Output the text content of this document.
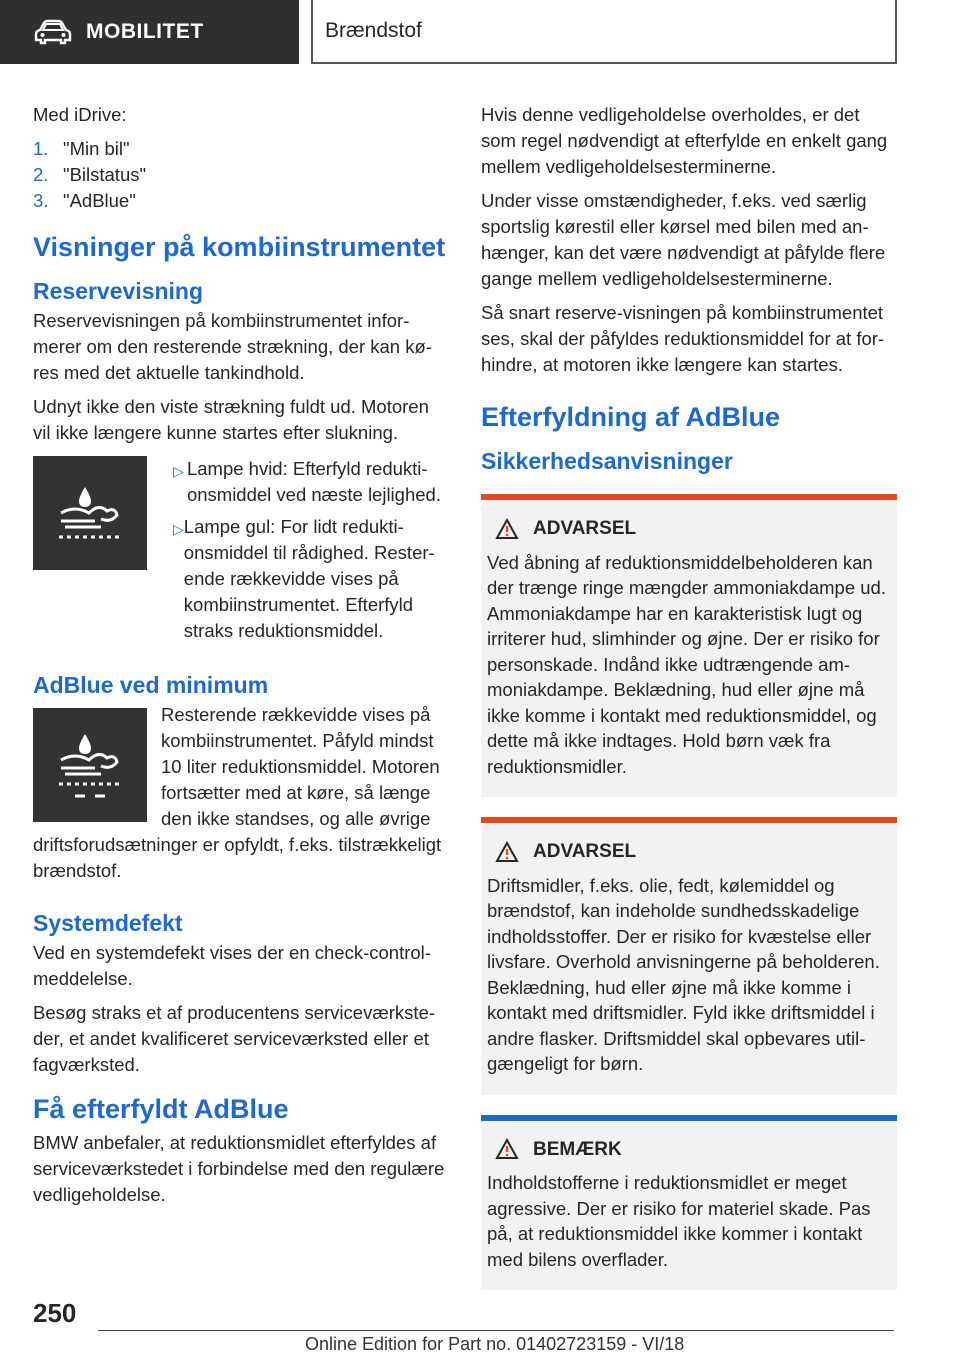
MOBILITET	Brændstof

Med iDrive:

1. "Min bil"
2. "Bilstatus"
3. "AdBlue"
Visninger på kombiinstrumentet
Reservevisning

Reservevisningen på kombiinstrumentet informerer om den resterende strækning, der kan køres med det aktuelle tankindhold.

Udnyt ikke den viste strækning fuldt ud. Motoren vil ikke længere kunne startes efter slukning.

▷ Lampe hvid: Efterfyld reduktionsmiddel ved næste lejlighed.
▷ Lampe gul: For lidt reduktionsmiddel til rådighed. Resterende rækkevidde vises på kombiinstrumentet. Efterfyld straks reduktionsmiddel.
AdBlue ved minimum

Resterende rækkevidde vises på kombiinstrumentet. Påfyld mindst 10 liter reduktionsmiddel. Motoren fortsætter med at køre, så længe den ikke standses, og alle øvrige driftsforudsætninger er opfyldt, f.eks. tilstrækkeligt brændstof.

Systemdefekt

Ved en systemdefekt vises der en check-control-meddelelse.

Besøg straks et af producentens serviceværksteder, et andet kvalificeret serviceværksted eller et fagværksted.

Få efterfyldt AdBlue

BMW anbefaler, at reduktionsmidlet efterfyldes af serviceværkstedet i forbindelse med den regulære vedligeholdelse.

Hvis denne vedligeholdelse overholdes, er det som regel nødvendigt at efterfylde en enkelt gang mellem vedligeholdelsesterminerne.

Under visse omstændigheder, f.eks. ved særlig sportslig kørestil eller kørsel med bilen med anhænger, kan det være nødvendigt at påfylde flere gange mellem vedligeholdelsesterminerne.

Så snart reserve-visningen på kombiinstrumentet ses, skal der påfyldes reduktionsmiddel for at forhindre, at motoren ikke længere kan startes.

Efterfyldning af AdBlue
Sikkerhedsanvisninger
ADVARSEL
Ved åbning af reduktionsmiddelbeholderen kan der trænge ringe mængder ammoniakdampe ud. Ammoniakdampe har en karakteristisk lugt og irriterer hud, slimhinder og øjne. Der er risiko for personskade. Indånd ikke udtrængende ammoniakdampe. Beklædning, hud eller øjne må ikke komme i kontakt med reduktionsmiddel, og dette må ikke indtages. Hold børn væk fra reduktionsmidler.
ADVARSEL
Driftsmidler, f.eks. olie, fedt, kølemiddel og brændstof, kan indeholde sundhedsskadelige indholdsstoffer. Der er risiko for kvæstelse eller livsfare. Overhold anvisningerne på beholderen. Beklædning, hud eller øjne må ikke komme i kontakt med driftsmidler. Fyld ikke driftsmiddel i andre flasker. Driftsmiddel skal opbevares utilgængeligt for børn.
BEMÆRK
Indholdstofferne i reduktionsmidlet er meget agressive. Der er risiko for materiel skade. Pas på, at reduktionsmiddel ikke kommer i kontakt med bilens overflader.
250
Online Edition for Part no. 01402723159 - VI/18
